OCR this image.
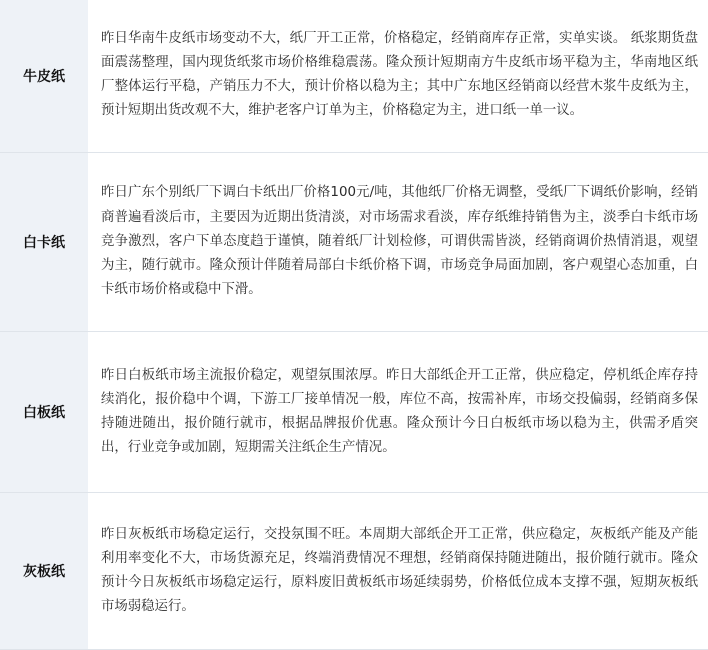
牛皮纸	昨日华南牛皮纸市场变动不大，纸厂开工正常，价格稳定，经销商库存正常，实单实谈。 纸浆期货盘面震荡整理，国内现货纸浆市场价格维稳震荡。隆众预计短期南方牛皮纸市场平稳为主，华南地区纸厂整体运行平稳，产销压力不大，预计价格以稳为主；其中广东地区经销商以经营木浆牛皮纸为主，预计短期出货改观不大，维护老客户订单为主，价格稳定为主，进口纸一单一议。
白卡纸	昨日广东个别纸厂下调白卡纸出厂价格100元/吨，其他纸厂价格无调整，受纸厂下调纸价影响，经销商普遍看淡后市，主要因为近期出货清淡，对市场需求看淡，库存纸维持销售为主，淡季白卡纸市场竞争激烈，客户下单态度趋于谨慎，随着纸厂计划检修，可谓供需皆淡，经销商调价热情消退，观望为主，随行就市。隆众预计伴随着局部白卡纸价格下调，市场竞争局面加剧，客户观望心态加重，白卡纸市场价格或稳中下滑。
白板纸	昨日白板纸市场主流报价稳定，观望氛围浓厚。昨日大部纸企开工正常，供应稳定，停机纸企库存持续消化，报价稳中个调，下游工厂接单情况一般，库位不高，按需补库，市场交投偏弱，经销商多保持随进随出，报价随行就市，根据品牌报价优惠。隆众预计今日白板纸市场以稳为主，供需矛盾突出，行业竞争或加剧，短期需关注纸企生产情况。
灰板纸	昨日灰板纸市场稳定运行，交投氛围不旺。本周期大部纸企开工正常，供应稳定，灰板纸产能及产能利用率变化不大，市场货源充足，终端消费情况不理想，经销商保持随进随出，报价随行就市。隆众预计今日灰板纸市场稳定运行，原料废旧黄板纸市场延续弱势，价格低位成本支撑不强，短期灰板纸市场弱稳运行。
